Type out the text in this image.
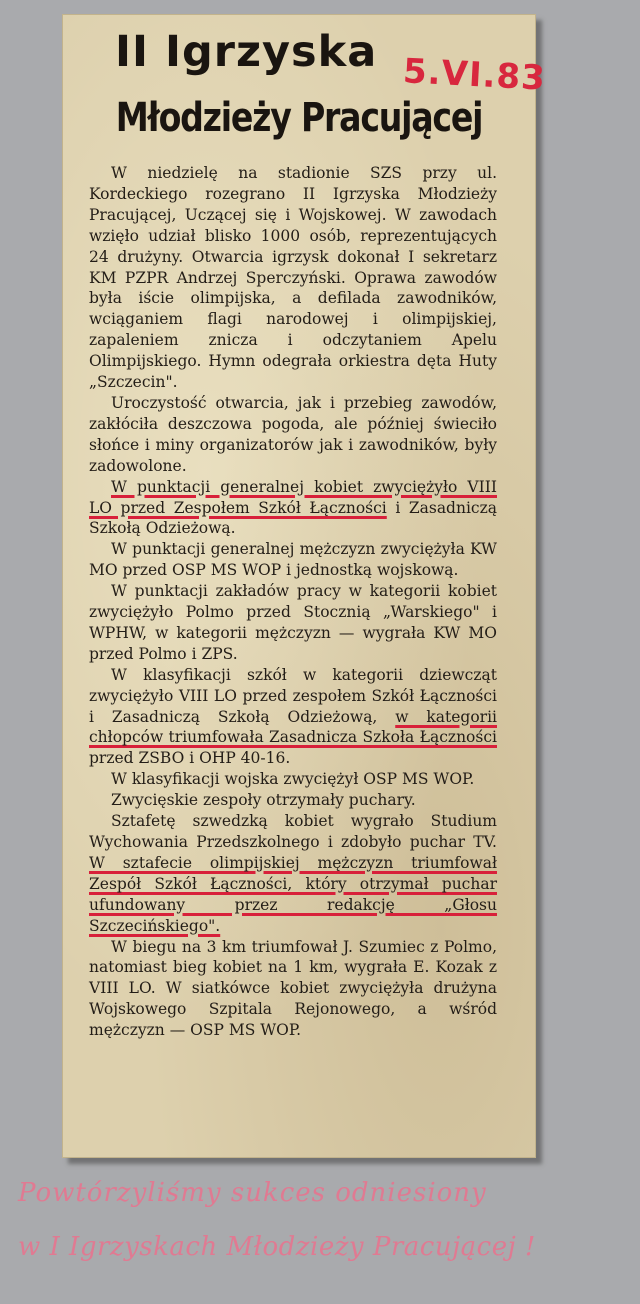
II Igrzyska
Młodzieży Pracującej
5.VI.83

W niedzielę na stadionie SZS przy ul. Kordeckiego rozegrano II Igrzyska Młodzieży Pracującej, Uczącej się i Wojskowej. W zawodach wzięło udział blisko 1000 osób, reprezentujących 24 drużyny. Otwarcia igrzysk dokonał I sekretarz KM PZPR Andrzej Sperczyński. Oprawa zawodów była iście olimpijska, a defilada zawodników, wciąganiem flagi narodowej i olimpijskiej, zapaleniem znicza i odczytaniem Apelu Olimpijskiego. Hymn odegrała orkiestra dęta Huty „Szczecin".

Uroczystość otwarcia, jak i przebieg zawodów, zakłóciła deszczowa pogoda, ale później świeciło słońce i miny organizatorów jak i zawodników, były zadowolone.

W punktacji generalnej kobiet zwyciężyło VIII LO przed Zespołem Szkół Łączności i Zasadniczą Szkołą Odzieżową.

W punktacji generalnej mężczyzn zwyciężyła KW MO przed OSP MS WOP i jednostką wojskową.

W punktacji zakładów pracy w kategorii kobiet zwyciężyło Polmo przed Stocznią „Warskiego" i WPHW, w kategorii mężczyzn — wygrała KW MO przed Polmo i ZPS.

W klasyfikacji szkół w kategorii dziewcząt zwyciężyło VIII LO przed zespołem Szkół Łączności i Zasadniczą Szkołą Odzieżową, w kategorii chłopców triumfowała Zasadnicza Szkoła Łączności przed ZSBO i OHP 40-16.

W klasyfikacji wojska zwyciężył OSP MS WOP.

Zwycięskie zespoły otrzymały puchary.

Sztafetę szwedzką kobiet wygrało Studium Wychowania Przedszkolnego i zdobyło puchar TV. W sztafecie olimpijskiej mężczyzn triumfował Zespół Szkół Łączności, który otrzymał puchar ufundowany przez redakcję „Głosu Szczecińskiego".

W biegu na 3 km triumfował J. Szumiec z Polmo, natomiast bieg kobiet na 1 km, wygrała E. Kozak z VIII LO. W siatkówce kobiet zwyciężyła drużyna Wojskowego Szpitala Rejonowego, a wśród mężczyzn — OSP MS WOP.

Powtórzyliśmy sukces odniesiony
w I Igrzyskach Młodzieży Pracującej !
